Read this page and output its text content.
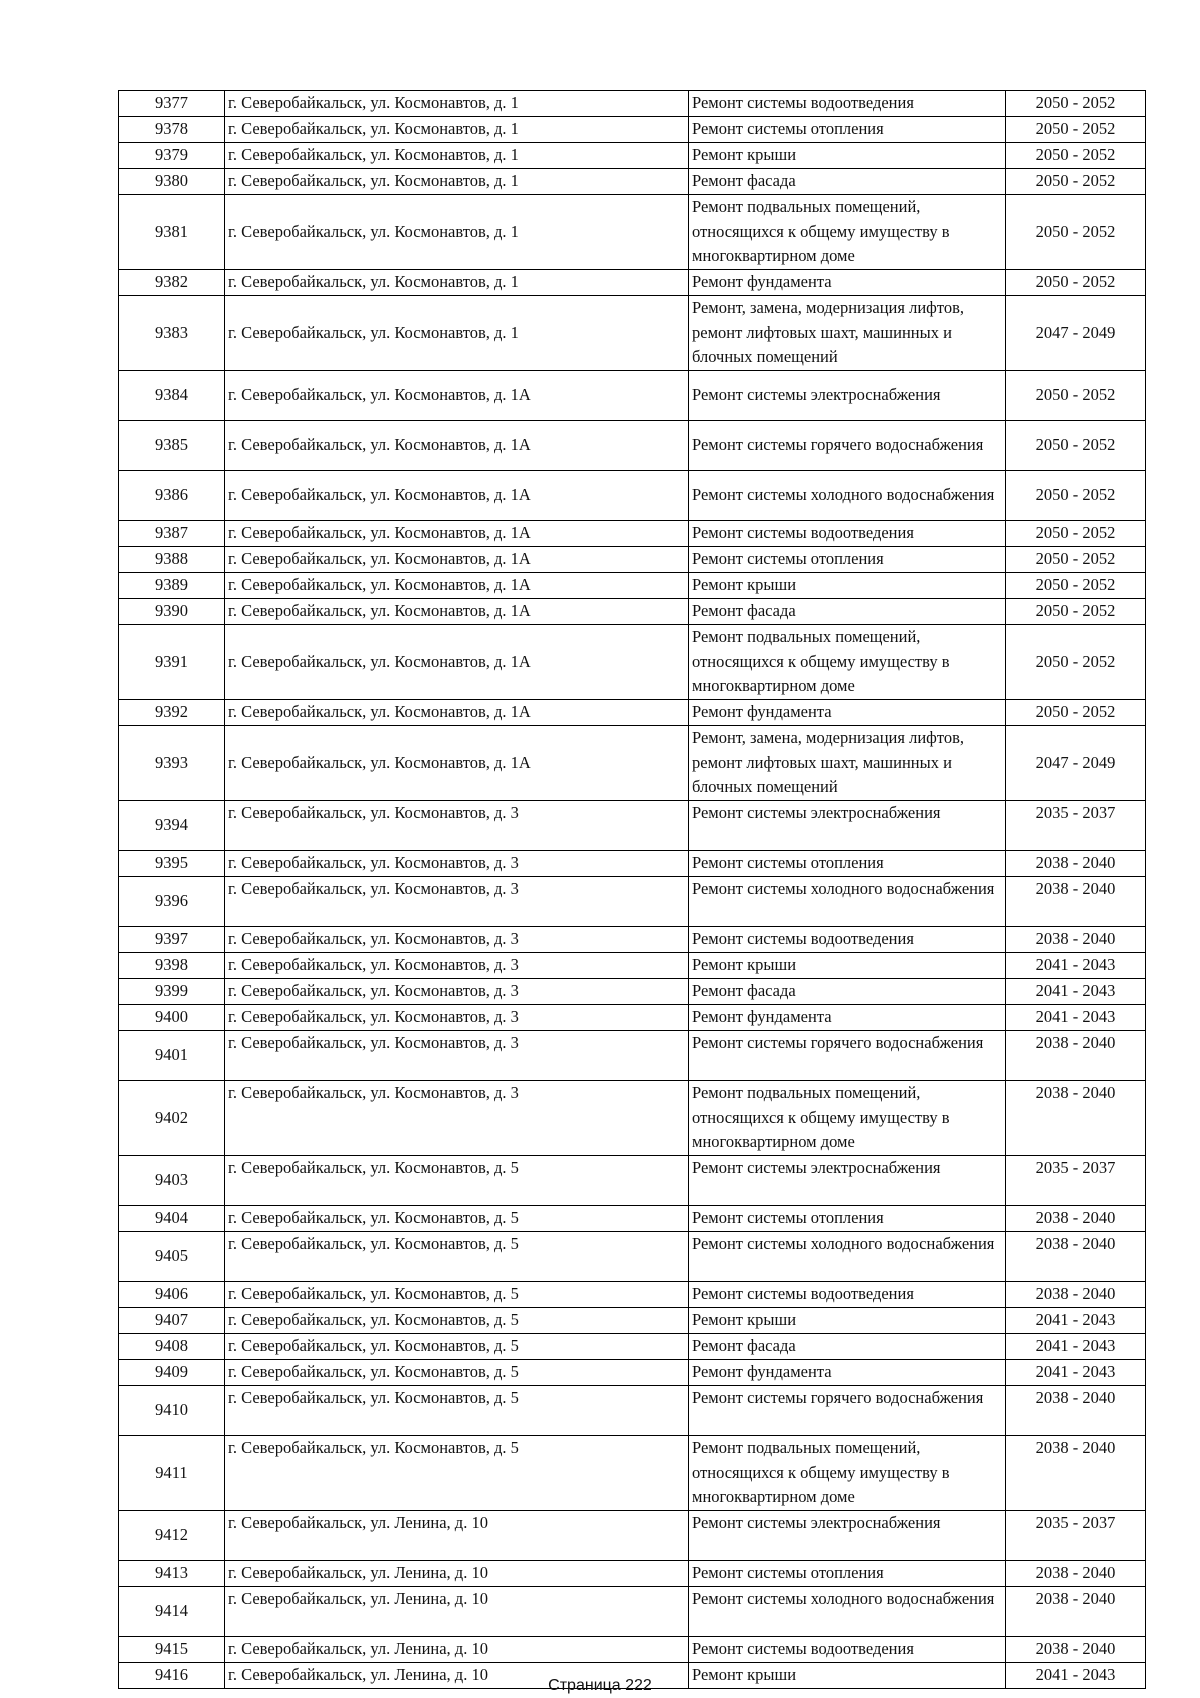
9377	г. Северобайкальск, ул. Космонавтов, д. 1	Ремонт системы водоотведения	2050 - 2052
9378	г. Северобайкальск, ул. Космонавтов, д. 1	Ремонт системы отопления	2050 - 2052
9379	г. Северобайкальск, ул. Космонавтов, д. 1	Ремонт крыши	2050 - 2052
9380	г. Северобайкальск, ул. Космонавтов, д. 1	Ремонт фасада	2050 - 2052
9381	г. Северобайкальск, ул. Космонавтов, д. 1	Ремонт подвальных помещений, относящихся к общему имуществу в многоквартирном доме	2050 - 2052
9382	г. Северобайкальск, ул. Космонавтов, д. 1	Ремонт фундамента	2050 - 2052
9383	г. Северобайкальск, ул. Космонавтов, д. 1	Ремонт, замена, модернизация лифтов, ремонт лифтовых шахт, машинных и блочных помещений	2047 - 2049
9384	г. Северобайкальск, ул. Космонавтов, д. 1А	Ремонт системы электроснабжения	2050 - 2052
9385	г. Северобайкальск, ул. Космонавтов, д. 1А	Ремонт системы горячего водоснабжения	2050 - 2052
9386	г. Северобайкальск, ул. Космонавтов, д. 1А	Ремонт системы холодного водоснабжения	2050 - 2052
9387	г. Северобайкальск, ул. Космонавтов, д. 1А	Ремонт системы водоотведения	2050 - 2052
9388	г. Северобайкальск, ул. Космонавтов, д. 1А	Ремонт системы отопления	2050 - 2052
9389	г. Северобайкальск, ул. Космонавтов, д. 1А	Ремонт крыши	2050 - 2052
9390	г. Северобайкальск, ул. Космонавтов, д. 1А	Ремонт фасада	2050 - 2052
9391	г. Северобайкальск, ул. Космонавтов, д. 1А	Ремонт подвальных помещений, относящихся к общему имуществу в многоквартирном доме	2050 - 2052
9392	г. Северобайкальск, ул. Космонавтов, д. 1А	Ремонт фундамента	2050 - 2052
9393	г. Северобайкальск, ул. Космонавтов, д. 1А	Ремонт, замена, модернизация лифтов, ремонт лифтовых шахт, машинных и блочных помещений	2047 - 2049
9394	г. Северобайкальск, ул. Космонавтов, д. 3	Ремонт системы электроснабжения	2035 - 2037
9395	г. Северобайкальск, ул. Космонавтов, д. 3	Ремонт системы отопления	2038 - 2040
9396	г. Северобайкальск, ул. Космонавтов, д. 3	Ремонт системы холодного водоснабжения	2038 - 2040
9397	г. Северобайкальск, ул. Космонавтов, д. 3	Ремонт системы водоотведения	2038 - 2040
9398	г. Северобайкальск, ул. Космонавтов, д. 3	Ремонт крыши	2041 - 2043
9399	г. Северобайкальск, ул. Космонавтов, д. 3	Ремонт фасада	2041 - 2043
9400	г. Северобайкальск, ул. Космонавтов, д. 3	Ремонт фундамента	2041 - 2043
9401	г. Северобайкальск, ул. Космонавтов, д. 3	Ремонт системы горячего водоснабжения	2038 - 2040
9402	г. Северобайкальск, ул. Космонавтов, д. 3	Ремонт подвальных помещений, относящихся к общему имуществу в многоквартирном доме	2038 - 2040
9403	г. Северобайкальск, ул. Космонавтов, д. 5	Ремонт системы электроснабжения	2035 - 2037
9404	г. Северобайкальск, ул. Космонавтов, д. 5	Ремонт системы отопления	2038 - 2040
9405	г. Северобайкальск, ул. Космонавтов, д. 5	Ремонт системы холодного водоснабжения	2038 - 2040
9406	г. Северобайкальск, ул. Космонавтов, д. 5	Ремонт системы водоотведения	2038 - 2040
9407	г. Северобайкальск, ул. Космонавтов, д. 5	Ремонт крыши	2041 - 2043
9408	г. Северобайкальск, ул. Космонавтов, д. 5	Ремонт фасада	2041 - 2043
9409	г. Северобайкальск, ул. Космонавтов, д. 5	Ремонт фундамента	2041 - 2043
9410	г. Северобайкальск, ул. Космонавтов, д. 5	Ремонт системы горячего водоснабжения	2038 - 2040
9411	г. Северобайкальск, ул. Космонавтов, д. 5	Ремонт подвальных помещений, относящихся к общему имуществу в многоквартирном доме	2038 - 2040
9412	г. Северобайкальск, ул. Ленина, д. 10	Ремонт системы электроснабжения	2035 - 2037
9413	г. Северобайкальск, ул. Ленина, д. 10	Ремонт системы отопления	2038 - 2040
9414	г. Северобайкальск, ул. Ленина, д. 10	Ремонт системы холодного водоснабжения	2038 - 2040
9415	г. Северобайкальск, ул. Ленина, д. 10	Ремонт системы водоотведения	2038 - 2040
9416	г. Северобайкальск, ул. Ленина, д. 10	Ремонт крыши	2041 - 2043
Страница 222
